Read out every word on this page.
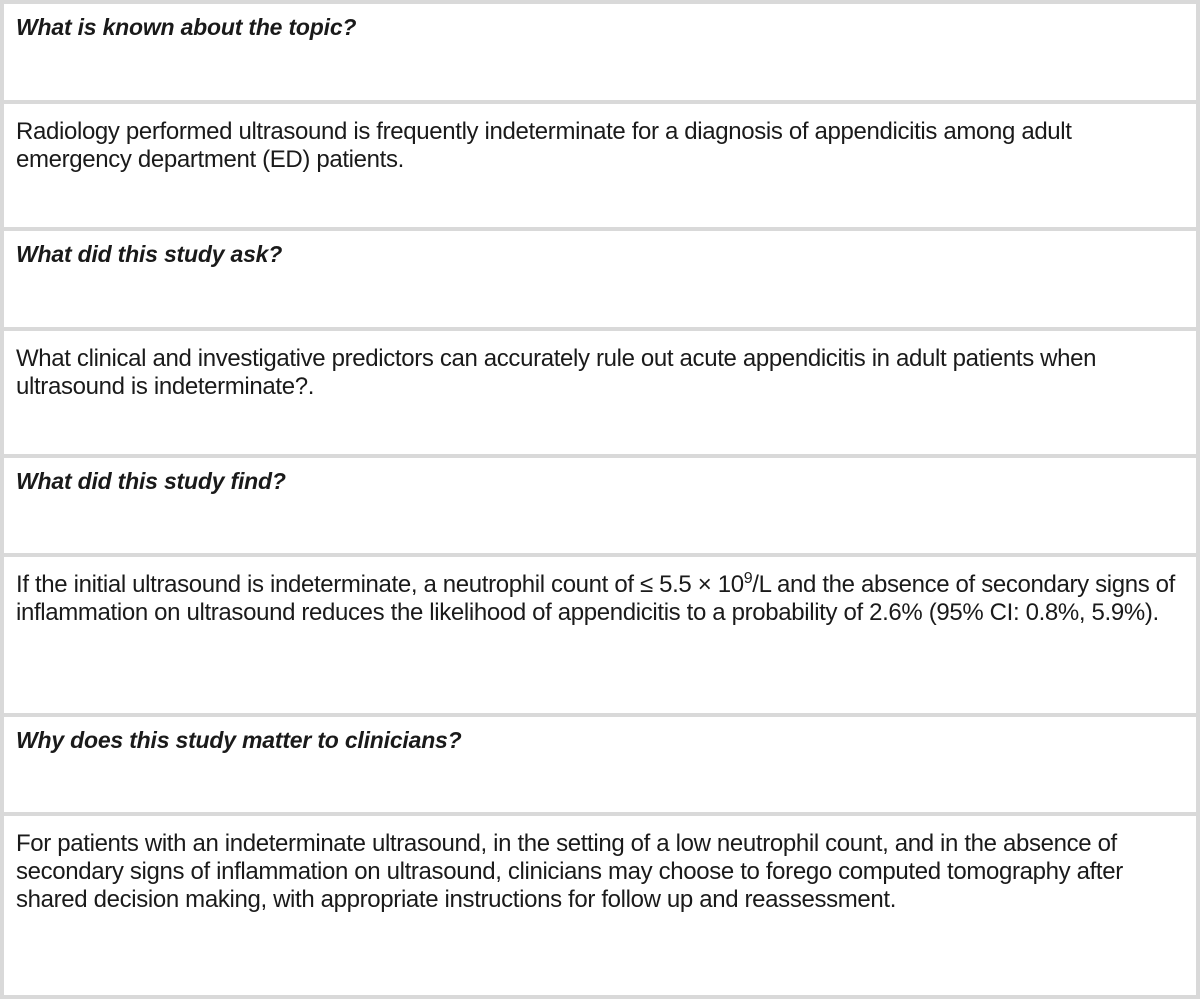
What is known about the topic?

Radiology performed ultrasound is frequently indeterminate for a diagnosis of appendicitis among adult emergency department (ED) patients.

What did this study ask?

What clinical and investigative predictors can accurately rule out acute appendicitis in adult patients when ultrasound is indeterminate?.

What did this study find?

If the initial ultrasound is indeterminate, a neutrophil count of ≤ $5.5 \times 10^9/L$ and the absence of secondary signs of inflammation on ultrasound reduces the likelihood of appendicitis to a probability of 2.6% (95% CI: 0.8%, 5.9%).

Why does this study matter to clinicians?

For patients with an indeterminate ultrasound, in the setting of a low neutrophil count, and in the absence of secondary signs of inflammation on ultrasound, clinicians may choose to forego computed tomography after shared decision making, with appropriate instructions for follow up and reassessment.
